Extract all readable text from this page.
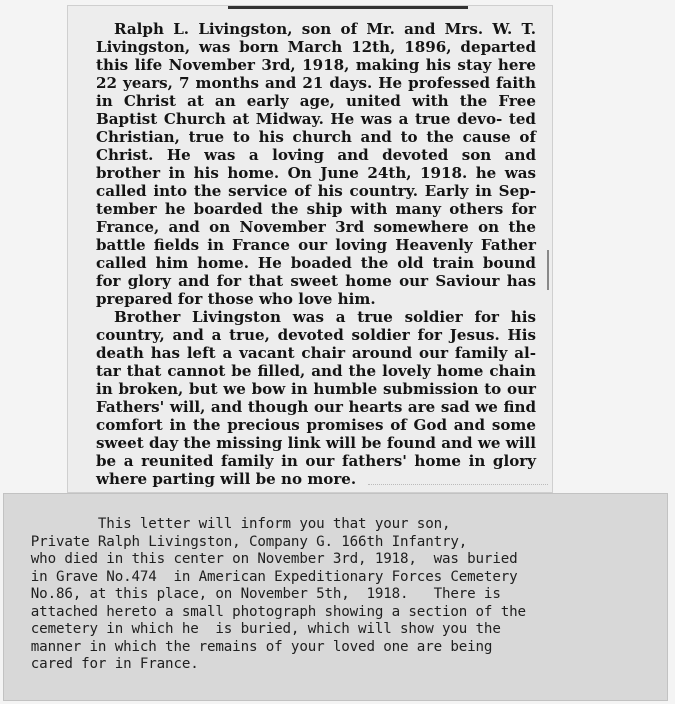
Ralph L. Livingston, son of Mr. and Mrs. W. T. Livingston, was born March 12th, 1896, departed this life November 3rd, 1918, making his stay here 22 years, 7 months and 21 days. He professed faith in Christ at an early age, united with the Free Baptist Church at Midway. He was a true devo- ted Christian, true to his church and to the cause of Christ. He was a loving and devoted son and brother in his home. On June 24th, 1918. he was called into the service of his country. Early in Sep- tember he boarded the ship with many others for France, and on November 3rd somewhere on the battle fields in France our loving Heavenly Father called him home. He boaded the old train bound for glory and for that sweet home our Saviour has prepared for those who love him.

Brother Livingston was a true soldier for his country, and a true, devoted soldier for Jesus. His death has left a vacant chair around our family al- tar that cannot be filled, and the lovely home chain in broken, but we bow in humble submission to our Fathers' will, and though our hearts are sad we find comfort in the precious promises of God and some sweet day the missing link will be found and we will be a reunited family in our fathers' home in glory where parting will be no more.

This letter will inform you that your son,
Private Ralph Livingston, Company G. 166th Infantry,
who died in this center on November 3rd, 1918,  was buried
in Grave No.474  in American Expeditionary Forces Cemetery
No.86, at this place, on November 5th,  1918.   There is
attached hereto a small photograph showing a section of the
cemetery in which he  is buried, which will show you the
manner in which the remains of your loved one are being
cared for in France.
